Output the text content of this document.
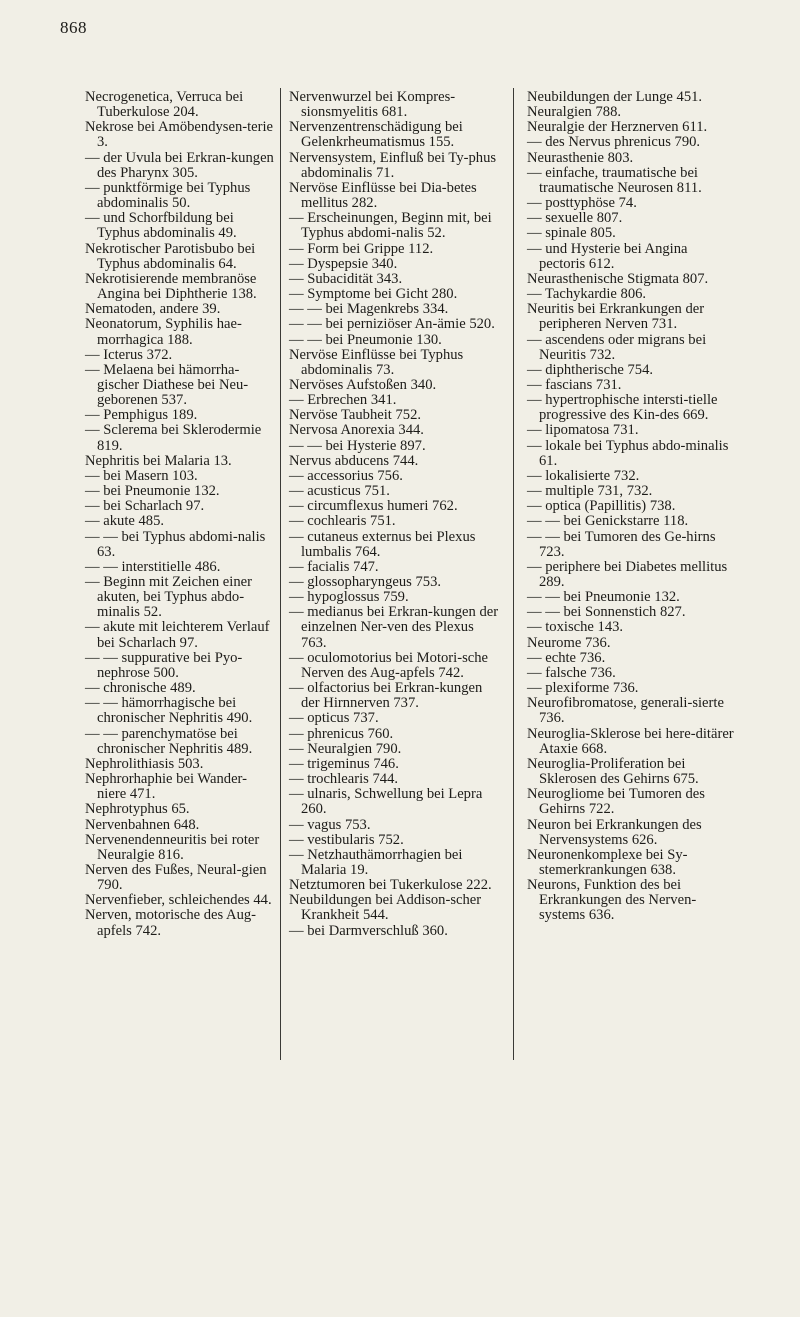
868

Necrogenetica, Verruca bei Tuberkulose 204.

Nekrose bei Amöbendysen-terie 3.

— der Uvula bei Erkran-kungen des Pharynx 305.

— punktförmige bei Typhus abdominalis 50.

— und Schorfbildung bei Typhus abdominalis 49.

Nekrotischer Parotisbubo bei Typhus abdominalis 64.

Nekrotisierende membranöse Angina bei Diphtherie 138.

Nematoden, andere 39.

Neonatorum, Syphilis hae-morrhagica 188.

— Icterus 372.

— Melaena bei hämorrha-gischer Diathese bei Neu-geborenen 537.

— Pemphigus 189.

— Sclerema bei Sklerodermie 819.

Nephritis bei Malaria 13.

— bei Masern 103.

— bei Pneumonie 132.

— bei Scharlach 97.

— akute 485.

— — bei Typhus abdomi-nalis 63.

— — interstitielle 486.

— Beginn mit Zeichen einer akuten, bei Typhus abdo-minalis 52.

— akute mit leichterem Verlauf bei Scharlach 97.

— — suppurative bei Pyo-nephrose 500.

— chronische 489.

— — hämorrhagische bei chronischer Nephritis 490.

— — parenchymatöse bei chronischer Nephritis 489.

Nephrolithiasis 503.

Nephrorhaphie bei Wander-niere 471.

Nephrotyphus 65.

Nervenbahnen 648.

Nervenendenneuritis bei roter Neuralgie 816.

Nerven des Fußes, Neural-gien 790.

Nervenfieber, schleichendes 44.

Nerven, motorische des Aug-apfels 742.

Nervenwurzel bei Kompres-sionsmyelitis 681.

Nervenzentrenschädigung bei Gelenkrheumatismus 155.

Nervensystem, Einfluß bei Ty-phus abdominalis 71.

Nervöse Einflüsse bei Dia-betes mellitus 282.

— Erscheinungen, Beginn mit, bei Typhus abdomi-nalis 52.

— Form bei Grippe 112.

— Dyspepsie 340.

— Subacidität 343.

— Symptome bei Gicht 280.

— — bei Magenkrebs 334.

— — bei perniziöser An-ämie 520.

— — bei Pneumonie 130.

Nervöse Einflüsse bei Typhus abdominalis 73.

Nervöses Aufstoßen 340.

— Erbrechen 341.

Nervöse Taubheit 752.

Nervosa Anorexia 344.

— — bei Hysterie 897.

Nervus abducens 744.

— accessorius 756.

— acusticus 751.

— circumflexus humeri 762.

— cochlearis 751.

— cutaneus externus bei Plexus lumbalis 764.

— facialis 747.

— glossopharyngeus 753.

— hypoglossus 759.

— medianus bei Erkran-kungen der einzelnen Ner-ven des Plexus 763.

— oculomotorius bei Motori-sche Nerven des Aug-apfels 742.

— olfactorius bei Erkran-kungen der Hirnnerven 737.

— opticus 737.

— phrenicus 760.

— Neuralgien 790.

— trigeminus 746.

— trochlearis 744.

— ulnaris, Schwellung bei Lepra 260.

— vagus 753.

— vestibularis 752.

— Netzhauthämorrhagien bei Malaria 19.

Netztumoren bei Tukerkulose 222.

Neubildungen bei Addison-scher Krankheit 544.

— bei Darmverschluß 360.

Neubildungen der Lunge 451.

Neuralgien 788.

Neuralgie der Herznerven 611.

— des Nervus phrenicus 790.

Neurasthenie 803.

— einfache, traumatische bei traumatische Neurosen 811.

— posttyphöse 74.

— sexuelle 807.

— spinale 805.

— und Hysterie bei Angina pectoris 612.

Neurasthenische Stigmata 807.

— Tachykardie 806.

Neuritis bei Erkrankungen der peripheren Nerven 731.

— ascendens oder migrans bei Neuritis 732.

— diphtherische 754.

— fascians 731.

— hypertrophische intersti-tielle progressive des Kin-des 669.

— lipomatosa 731.

— lokale bei Typhus abdo-minalis 61.

— lokalisierte 732.

— multiple 731, 732.

— optica (Papillitis) 738.

— — bei Genickstarre 118.

— — bei Tumoren des Ge-hirns 723.

— periphere bei Diabetes mellitus 289.

— — bei Pneumonie 132.

— — bei Sonnenstich 827.

— toxische 143.

Neurome 736.

— echte 736.

— falsche 736.

— plexiforme 736.

Neurofibromatose, generali-sierte 736.

Neuroglia-Sklerose bei here-ditärer Ataxie 668.

Neuroglia-Proliferation bei Sklerosen des Gehirns 675.

Neurogliome bei Tumoren des Gehirns 722.

Neuron bei Erkrankungen des Nervensystems 626.

Neuronenkomplexe bei Sy-stemerkrankungen 638.

Neurons, Funktion des bei Erkrankungen des Nerven-systems 636.
